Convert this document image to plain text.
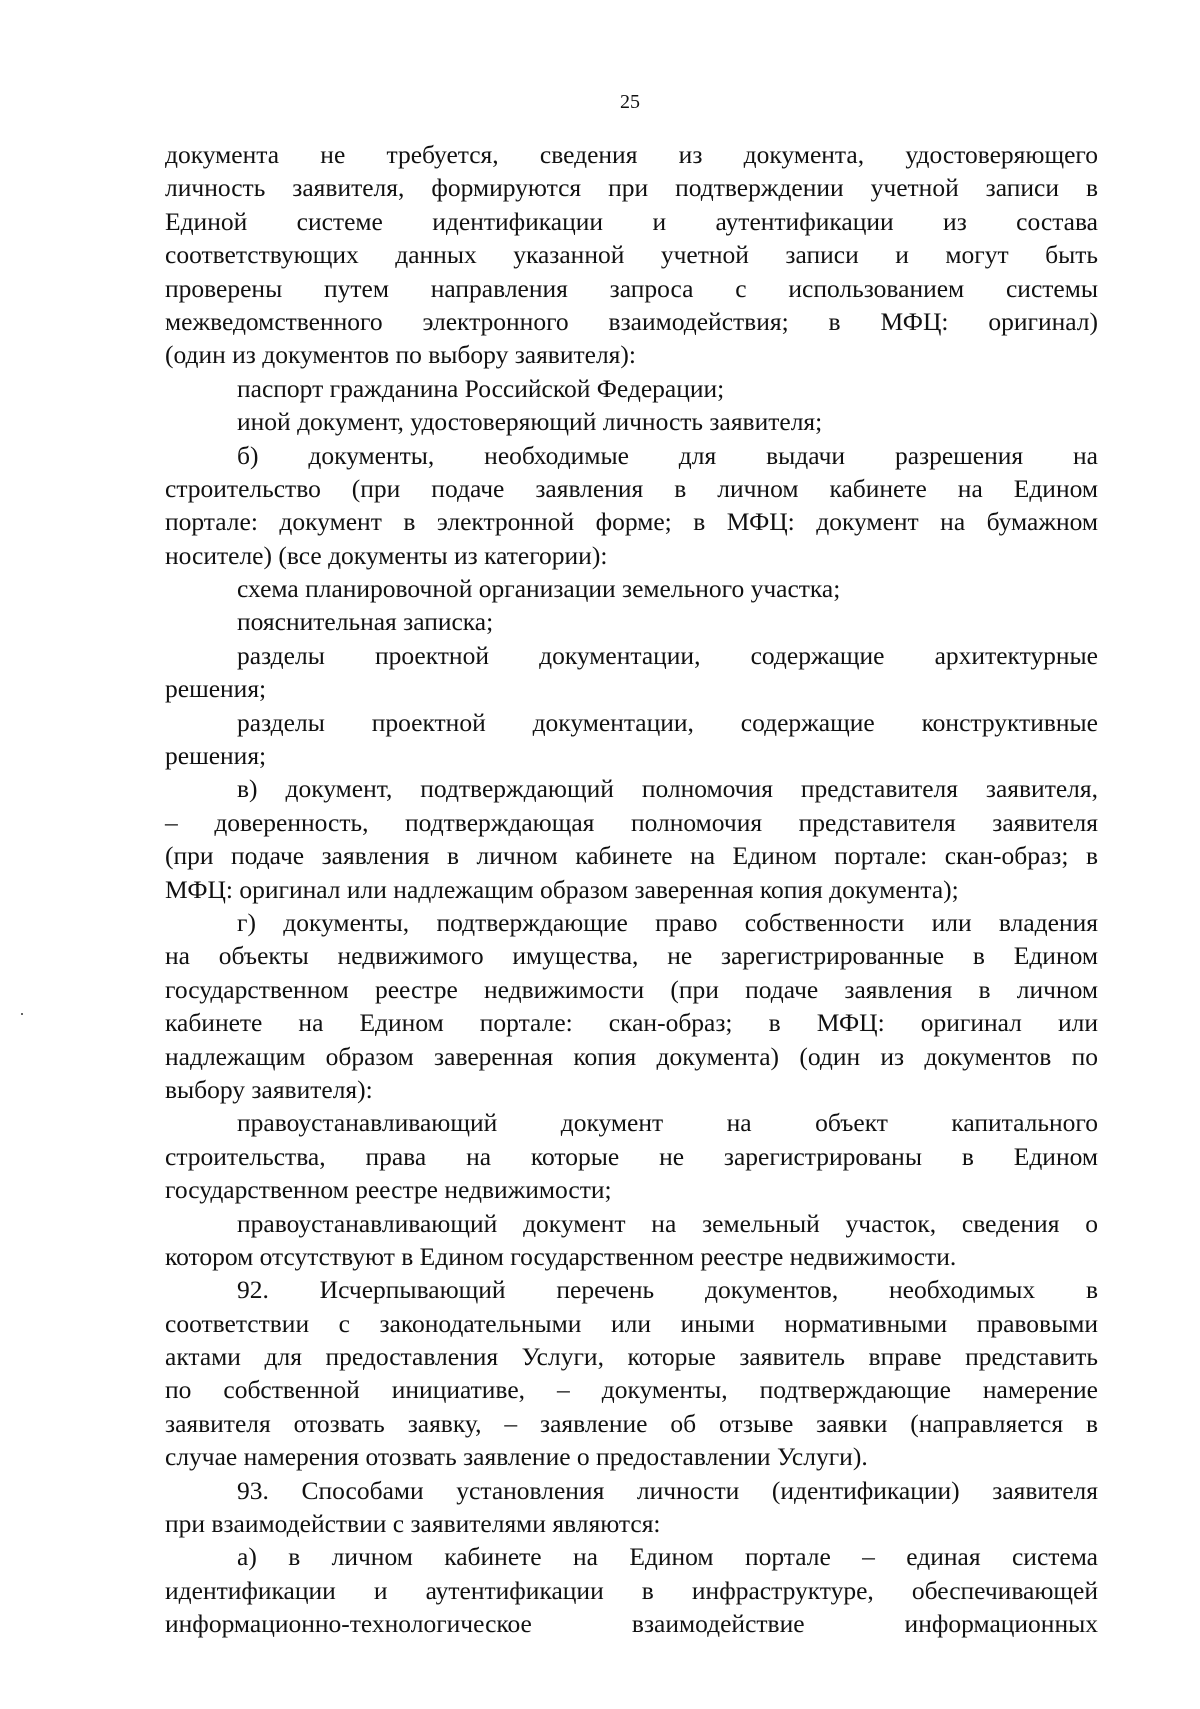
25
документа не требуется, сведения из документа, удостоверяющего
личность заявителя, формируются при подтверждении учетной записи в
Единой системе идентификации и аутентификации из состава
соответствующих данных указанной учетной записи и могут быть
проверены путем направления запроса с использованием системы
межведомственного электронного взаимодействия; в МФЦ: оригинал)
(один из документов по выбору заявителя):
паспорт гражданина Российской Федерации;
иной документ, удостоверяющий личность заявителя;
б) документы, необходимые для выдачи разрешения на
строительство (при подаче заявления в личном кабинете на Едином
портале: документ в электронной форме; в МФЦ: документ на бумажном
носителе) (все документы из категории):
схема планировочной организации земельного участка;
пояснительная записка;
разделы проектной документации, содержащие архитектурные
решения;
разделы проектной документации, содержащие конструктивные
решения;
в) документ, подтверждающий полномочия представителя заявителя,
– доверенность, подтверждающая полномочия представителя заявителя
(при подаче заявления в личном кабинете на Едином портале: скан-образ; в
МФЦ: оригинал или надлежащим образом заверенная копия документа);
г) документы, подтверждающие право собственности или владения
на объекты недвижимого имущества, не зарегистрированные в Едином
государственном реестре недвижимости (при подаче заявления в личном
кабинете на Едином портале: скан-образ; в МФЦ: оригинал или
надлежащим образом заверенная копия документа) (один из документов по
выбору заявителя):
правоустанавливающий документ на объект капитального
строительства, права на которые не зарегистрированы в Едином
государственном реестре недвижимости;
правоустанавливающий документ на земельный участок, сведения о
котором отсутствуют в Едином государственном реестре недвижимости.
92. Исчерпывающий перечень документов, необходимых в
соответствии с законодательными или иными нормативными правовыми
актами для предоставления Услуги, которые заявитель вправе представить
по собственной инициативе, – документы, подтверждающие намерение
заявителя отозвать заявку, – заявление об отзыве заявки (направляется в
случае намерения отозвать заявление о предоставлении Услуги).
93. Способами установления личности (идентификации) заявителя
при взаимодействии с заявителями являются:
а) в личном кабинете на Едином портале – единая система
идентификации и аутентификации в инфраструктуре, обеспечивающей
информационно-технологическое взаимодействие информационных
